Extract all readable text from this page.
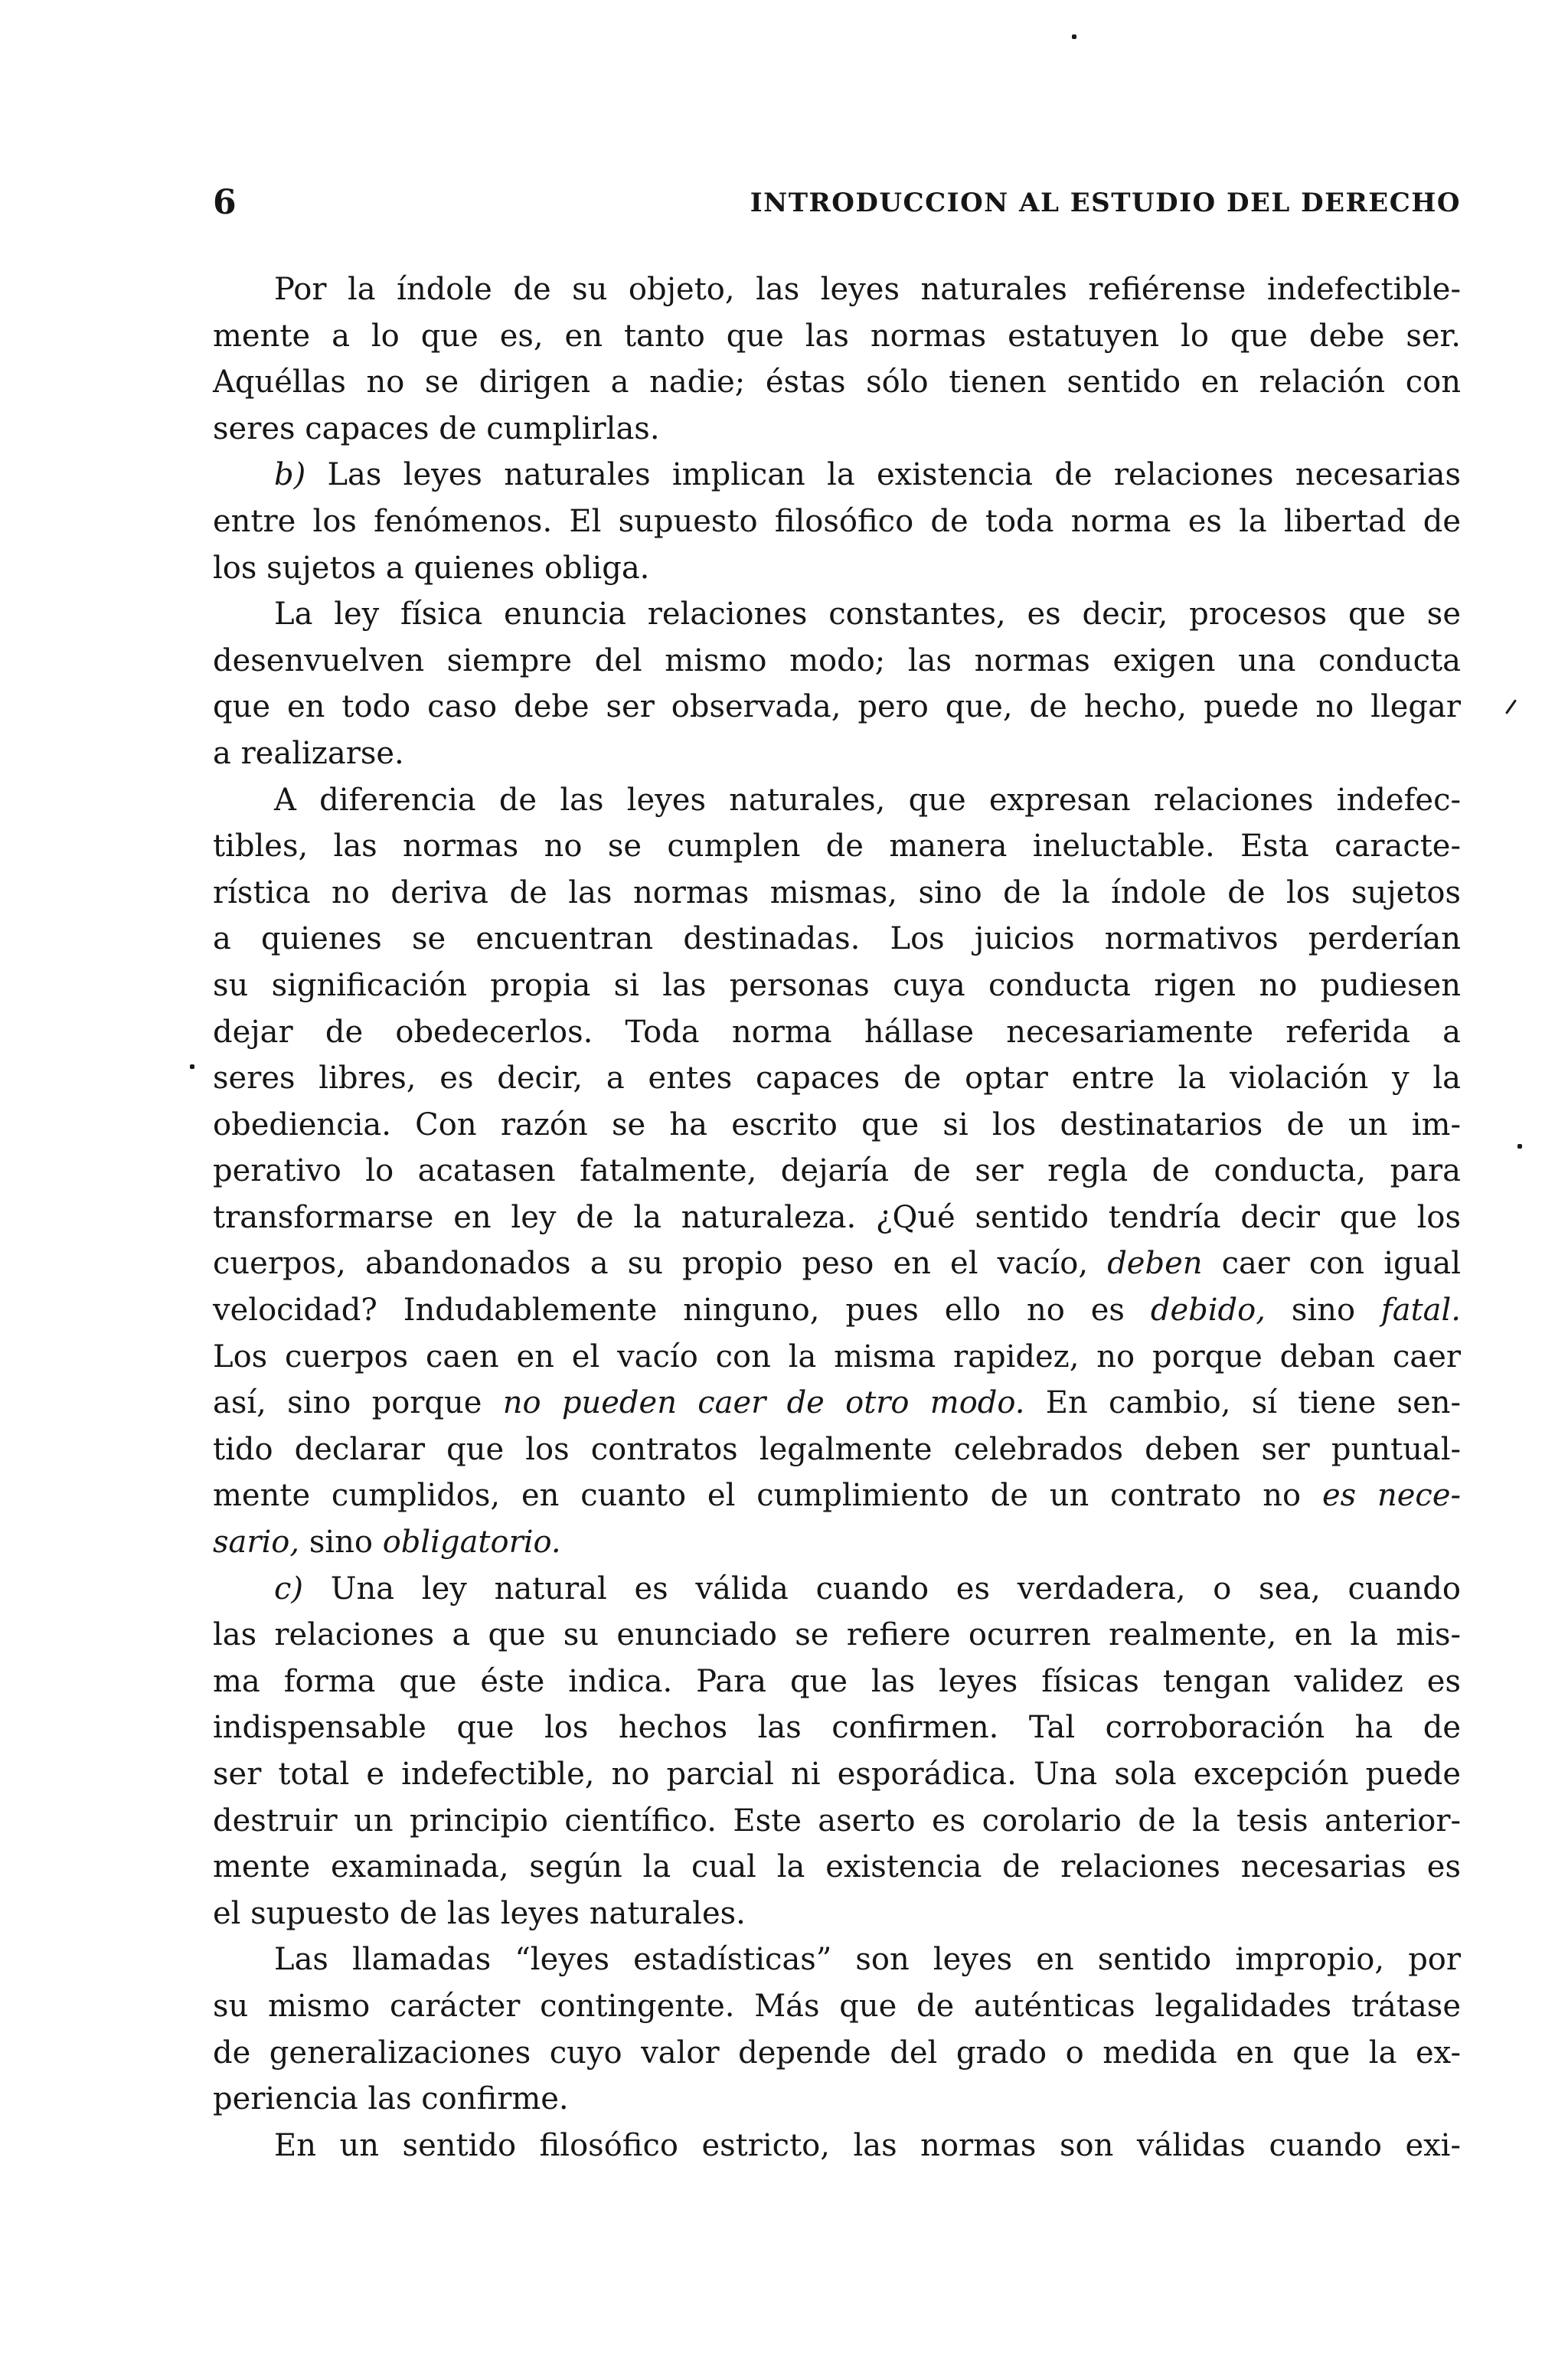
6	INTRODUCCION AL ESTUDIO DEL DERECHO
Por la índole de su objeto, las leyes naturales refiérense indefectible-
mente a lo que es, en tanto que las normas estatuyen lo que debe ser.
Aquéllas no se dirigen a nadie; éstas sólo tienen sentido en relación con
seres capaces de cumplirlas.
b) Las leyes naturales implican la existencia de relaciones necesarias
entre los fenómenos. El supuesto filosófico de toda norma es la libertad de
los sujetos a quienes obliga.
La ley física enuncia relaciones constantes, es decir, procesos que se
desenvuelven siempre del mismo modo; las normas exigen una conducta
que en todo caso debe ser observada, pero que, de hecho, puede no llegar
a realizarse.
A diferencia de las leyes naturales, que expresan relaciones indefec-
tibles, las normas no se cumplen de manera ineluctable. Esta caracte-
rística no deriva de las normas mismas, sino de la índole de los sujetos
a quienes se encuentran destinadas. Los juicios normativos perderían
su significación propia si las personas cuya conducta rigen no pudiesen
dejar de obedecerlos. Toda norma hállase necesariamente referida a
seres libres, es decir, a entes capaces de optar entre la violación y la
obediencia. Con razón se ha escrito que si los destinatarios de un im-
perativo lo acatasen fatalmente, dejaría de ser regla de conducta, para
transformarse en ley de la naturaleza. ¿Qué sentido tendría decir que los
cuerpos, abandonados a su propio peso en el vacío, deben caer con igual
velocidad? Indudablemente ninguno, pues ello no es debido, sino fatal.
Los cuerpos caen en el vacío con la misma rapidez, no porque deban caer
así, sino porque no pueden caer de otro modo. En cambio, sí tiene sen-
tido declarar que los contratos legalmente celebrados deben ser puntual-
mente cumplidos, en cuanto el cumplimiento de un contrato no es nece-
sario, sino obligatorio.
c) Una ley natural es válida cuando es verdadera, o sea, cuando
las relaciones a que su enunciado se refiere ocurren realmente, en la mis-
ma forma que éste indica. Para que las leyes físicas tengan validez es
indispensable que los hechos las confirmen. Tal corroboración ha de
ser total e indefectible, no parcial ni esporádica. Una sola excepción puede
destruir un principio científico. Este aserto es corolario de la tesis anterior-
mente examinada, según la cual la existencia de relaciones necesarias es
el supuesto de las leyes naturales.
Las llamadas “leyes estadísticas” son leyes en sentido impropio, por
su mismo carácter contingente. Más que de auténticas legalidades trátase
de generalizaciones cuyo valor depende del grado o medida en que la ex-
periencia las confirme.
En un sentido filosófico estricto, las normas son válidas cuando exi-
